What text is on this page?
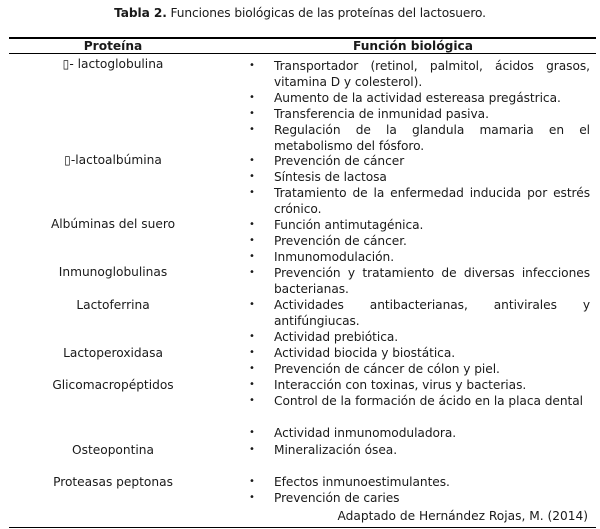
Tabla 2. Funciones biológicas de las proteínas del lactosuero.
Proteína	Función biológica
▯- lactoglobulina	• Transportador (retinol, palmitol, ácidos grasos, vitamina D y colesterol).
• Aumento de la actividad estereasa pregástrica.
• Transferencia de inmunidad pasiva.
• Regulación de la glandula mamaria en el metabolismo del fósforo.
▯-lactoalbúmina	• Prevención de cáncer
• Síntesis de lactosa
• Tratamiento de la enfermedad inducida por estrés crónico.
Albúminas del suero	• Función antimutagénica.
• Prevención de cáncer.
• Inmunomodulación.
Inmunoglobulinas	• Prevención y tratamiento de diversas infecciones bacterianas.
Lactoferrina	• Actividades antibacterianas, antivirales y antifúngiucas.
• Actividad prebiótica.
Lactoperoxidasa	• Actividad biocida y biostática.
• Prevención de cáncer de cólon y piel.
Glicomacropéptidos	• Interacción con toxinas, virus y bacterias.
• Control de la formación de ácido en la placa dental
• Actividad inmunomoduladora.
Osteopontina	• Mineralización ósea.
Proteasas peptonas	• Efectos inmunoestimulantes.
• Prevención de caries
Adaptado de Hernández Rojas, M. (2014)
